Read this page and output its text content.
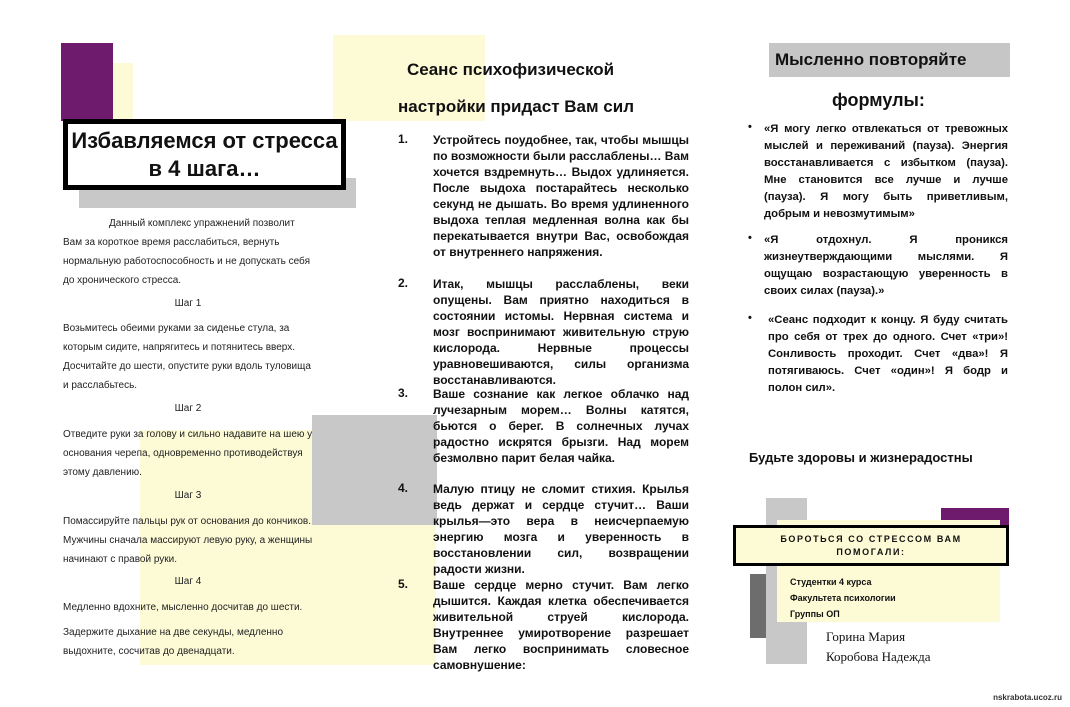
Избавляемся от стресса в 4 шага…
Данный комплекс упражнений позволит Вам за короткое время расслабиться, вернуть нормальную работоспособность и не допускать себя до хронического стресса.
Шаг 1
Возьмитесь обеими руками за сиденье стула, за которым сидите, напрягитесь и потянитесь вверх. Досчитайте до шести, опустите руки вдоль туловища и расслабьтесь.
Шаг 2
Отведите руки за голову и сильно надавите на шею у основания черепа, одновременно противодействуя этому давлению.
Шаг 3
Помассируйте пальцы рук от основания до кончиков. Мужчины сначала массируют левую руку, а женщины начинают с правой руки.
Шаг 4
Медленно вдохните, мысленно досчитав до шести.
Задержите дыхание на две секунды, медленно выдохните, сосчитав до двенадцати.
Сеанс психофизической
настройки придаст Вам сил
1. Устройтесь поудобнее, так, чтобы мышцы по возможности были расслаблены… Вам хочется вздремнуть… Выдох удлиняется. После выдоха постарайтесь несколько секунд не дышать. Во время удлиненного выдоха теплая медленная волна как бы перекатывается внутри Вас, освобождая от внутреннего напряжения.
2. Итак, мышцы расслаблены, веки опущены. Вам приятно находиться в состоянии истомы. Нервная система и мозг воспринимают живительную струю кислорода. Нервные процессы уравновешиваются, силы организма восстанавливаются.
3. Ваше сознание как легкое облачко над лучезарным морем… Волны катятся, бьются о берег. В солнечных лучах радостно искрятся брызги. Над морем безмолвно парит белая чайка.
4. Малую птицу не сломит стихия. Крылья ведь держат и сердце стучит… Ваши крылья—это вера в неисчерпаемую энергию мозга и уверенность в восстановлении сил, возвращении радости жизни.
5. Ваше сердце мерно стучит. Вам легко дышится. Каждая клетка обеспечивается живительной струей кислорода. Внутреннее умиротворение разрешает Вам легко воспринимать словесное самовнушение:
Мысленно повторяйте
формулы:
• «Я могу легко отвлекаться от тревожных мыслей и переживаний (пауза). Энергия восстанавливается с избытком (пауза). Мне становится все лучше и лучше (пауза). Я могу быть приветливым, добрым и невозмутимым»
• «Я отдохнул. Я проникся жизнеутверждающими мыслями. Я ощущаю возрастающую уверенность в своих силах (пауза).»
• «Сеанс подходит к концу. Я буду считать про себя от трех до одного. Счет «три»! Сонливость проходит. Счет «два»! Я потягиваюсь. Счет «один»! Я бодр и полон сил».
Будьте здоровы и жизнерадостны
БОРОТЬСЯ СО СТРЕССОМ ВАМ
ПОМОГАЛИ:
Студентки 4 курса
Факультета психологии
Группы ОП
Горина Мария
Коробова Надежда
nskrabota.ucoz.ru
